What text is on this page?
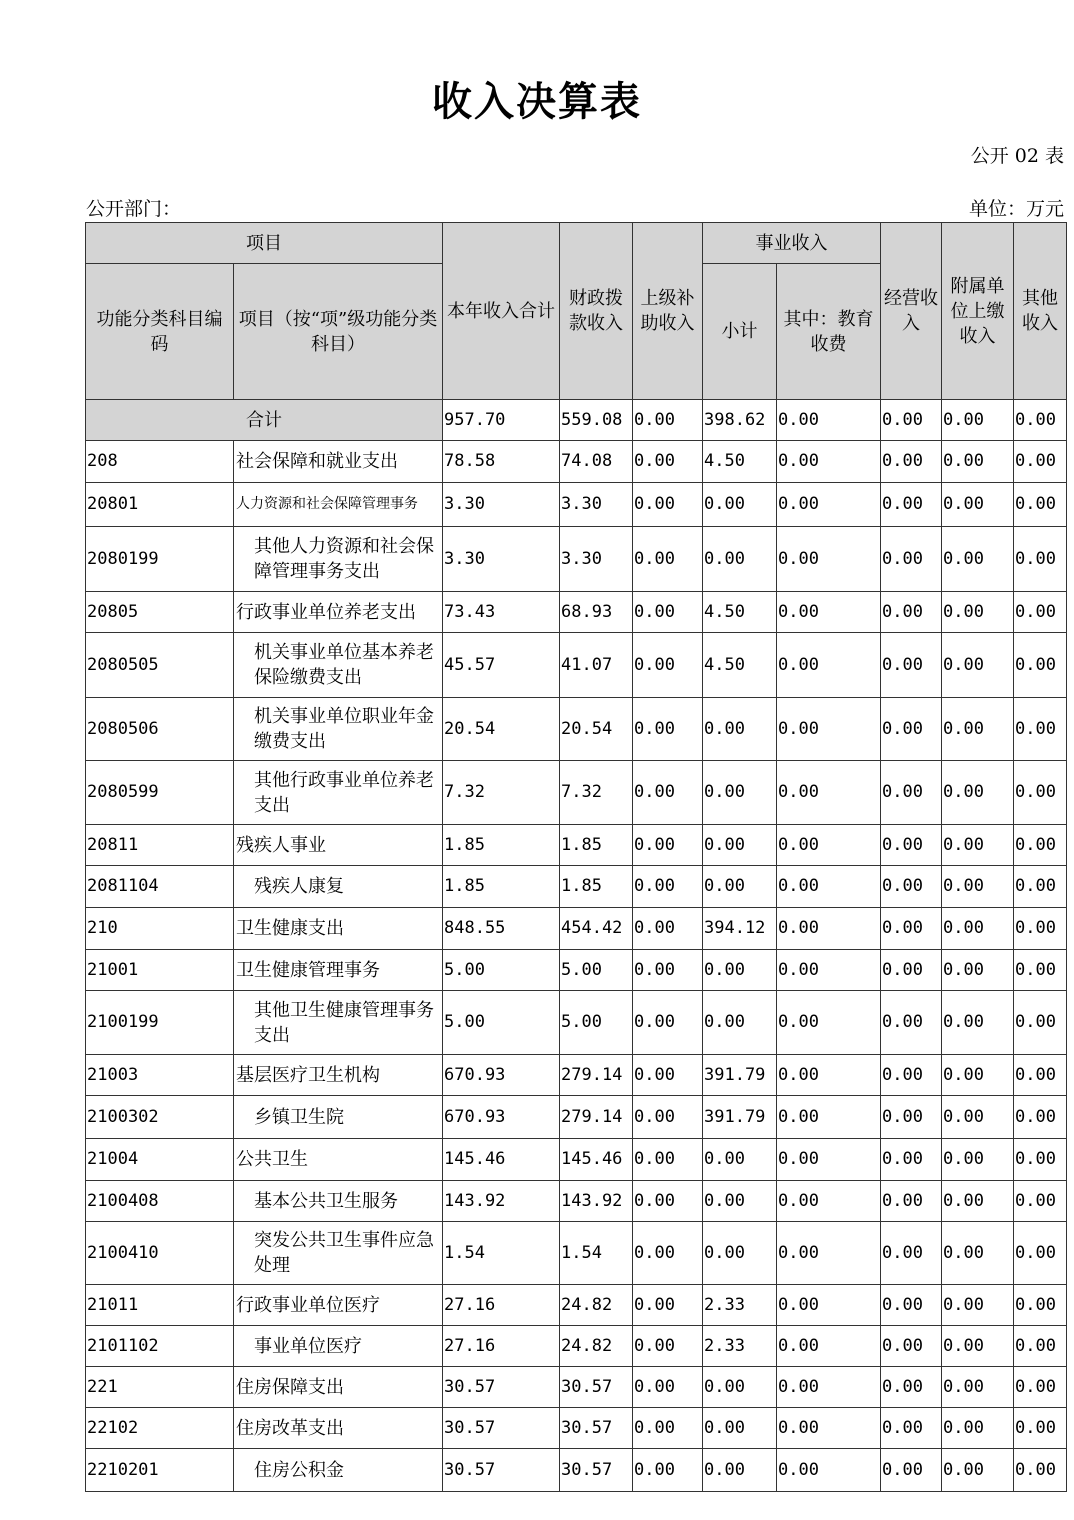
收入决算表
公开 02 表
公开部门：	单位：万元
项目		本年收入合计	财政拨款收入	上级补助收入	事业收入		经营收入	附属单位上缴收入	其他收入
功能分类科目编码	项目（按“项”级功能分类科目）				小计	其中：教育收费			
合计		957.70	559.08	0.00	398.62	0.00	0.00	0.00	0.00
208	社会保障和就业支出	78.58	74.08	0.00	4.50	0.00	0.00	0.00	0.00
20801	人力资源和社会保障管理事务	3.30	3.30	0.00	0.00	0.00	0.00	0.00	0.00
2080199	其他人力资源和社会保障管理事务支出	3.30	3.30	0.00	0.00	0.00	0.00	0.00	0.00
20805	行政事业单位养老支出	73.43	68.93	0.00	4.50	0.00	0.00	0.00	0.00
2080505	机关事业单位基本养老保险缴费支出	45.57	41.07	0.00	4.50	0.00	0.00	0.00	0.00
2080506	机关事业单位职业年金缴费支出	20.54	20.54	0.00	0.00	0.00	0.00	0.00	0.00
2080599	其他行政事业单位养老支出	7.32	7.32	0.00	0.00	0.00	0.00	0.00	0.00
20811	残疾人事业	1.85	1.85	0.00	0.00	0.00	0.00	0.00	0.00
2081104	残疾人康复	1.85	1.85	0.00	0.00	0.00	0.00	0.00	0.00
210	卫生健康支出	848.55	454.42	0.00	394.12	0.00	0.00	0.00	0.00
21001	卫生健康管理事务	5.00	5.00	0.00	0.00	0.00	0.00	0.00	0.00
2100199	其他卫生健康管理事务支出	5.00	5.00	0.00	0.00	0.00	0.00	0.00	0.00
21003	基层医疗卫生机构	670.93	279.14	0.00	391.79	0.00	0.00	0.00	0.00
2100302	乡镇卫生院	670.93	279.14	0.00	391.79	0.00	0.00	0.00	0.00
21004	公共卫生	145.46	145.46	0.00	0.00	0.00	0.00	0.00	0.00
2100408	基本公共卫生服务	143.92	143.92	0.00	0.00	0.00	0.00	0.00	0.00
2100410	突发公共卫生事件应急处理	1.54	1.54	0.00	0.00	0.00	0.00	0.00	0.00
21011	行政事业单位医疗	27.16	24.82	0.00	2.33	0.00	0.00	0.00	0.00
2101102	事业单位医疗	27.16	24.82	0.00	2.33	0.00	0.00	0.00	0.00
221	住房保障支出	30.57	30.57	0.00	0.00	0.00	0.00	0.00	0.00
22102	住房改革支出	30.57	30.57	0.00	0.00	0.00	0.00	0.00	0.00
2210201	住房公积金	30.57	30.57	0.00	0.00	0.00	0.00	0.00	0.00
